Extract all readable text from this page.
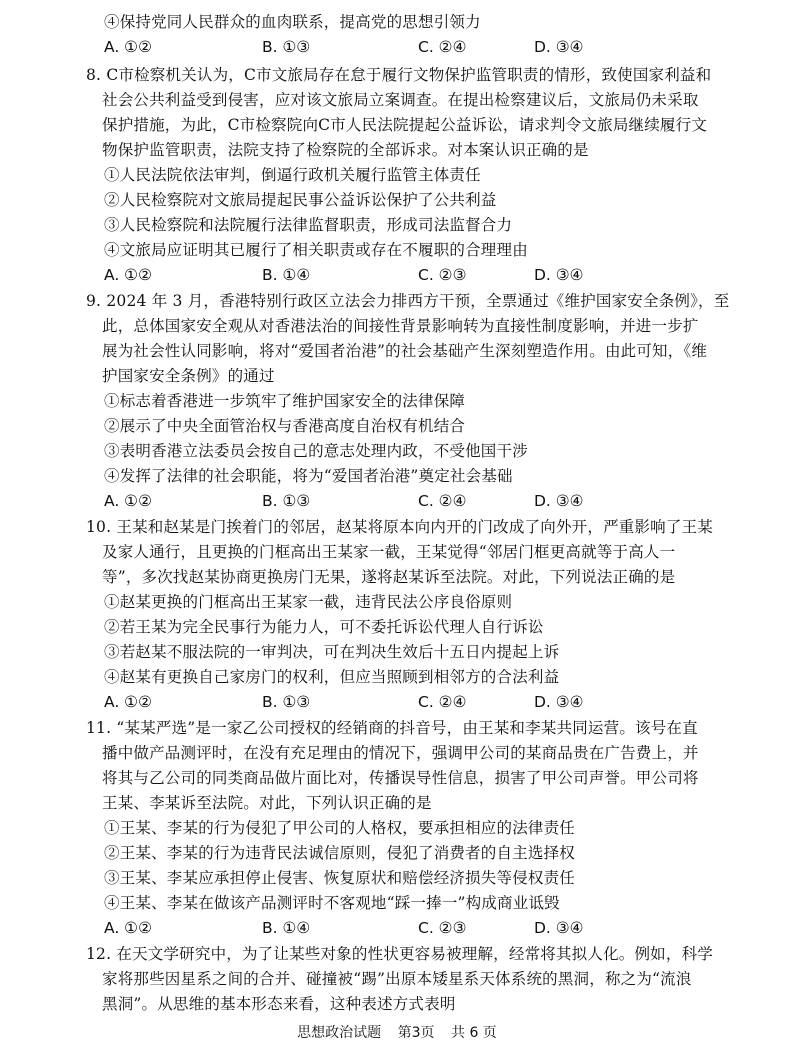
④保持党同人民群众的血肉联系，提高党的思想引领力
A. ①②	B. ①③	C. ②④	D. ③④
8. C市检察机关认为，C市文旅局存在怠于履行文物保护监管职责的情形，致使国家利益和
社会公共利益受到侵害，应对该文旅局立案调查。在提出检察建议后，文旅局仍未采取
保护措施，为此，C市检察院向C市人民法院提起公益诉讼，请求判令文旅局继续履行文
物保护监管职责，法院支持了检察院的全部诉求。对本案认识正确的是
①人民法院依法审判，倒逼行政机关履行监管主体责任
②人民检察院对文旅局提起民事公益诉讼保护了公共利益
③人民检察院和法院履行法律监督职责，形成司法监督合力
④文旅局应证明其已履行了相关职责或存在不履职的合理理由
A. ①②	B. ①④	C. ②③	D. ③④
9. 2024 年 3 月，香港特别行政区立法会力排西方干预，全票通过《维护国家安全条例》，至
此，总体国家安全观从对香港法治的间接性背景影响转为直接性制度影响，并进一步扩
展为社会性认同影响，将对“爱国者治港”的社会基础产生深刻塑造作用。由此可知，《维
护国家安全条例》的通过
①标志着香港进一步筑牢了维护国家安全的法律保障
②展示了中央全面管治权与香港高度自治权有机结合
③表明香港立法委员会按自己的意志处理内政，不受他国干涉
④发挥了法律的社会职能，将为“爱国者治港”奠定社会基础
A. ①②	B. ①③	C. ②④	D. ③④
10. 王某和赵某是门挨着门的邻居，赵某将原本向内开的门改成了向外开，严重影响了王某
及家人通行，且更换的门框高出王某家一截，王某觉得“邻居门框更高就等于高人一
等”，多次找赵某协商更换房门无果，遂将赵某诉至法院。对此，下列说法正确的是
①赵某更换的门框高出王某家一截，违背民法公序良俗原则
②若王某为完全民事行为能力人，可不委托诉讼代理人自行诉讼
③若赵某不服法院的一审判决，可在判决生效后十五日内提起上诉
④赵某有更换自己家房门的权利，但应当照顾到相邻方的合法利益
A. ①②	B. ①③	C. ②④	D. ③④
11. “某某严选”是一家乙公司授权的经销商的抖音号，由王某和李某共同运营。该号在直
播中做产品测评时，在没有充足理由的情况下，强调甲公司的某商品贵在广告费上，并
将其与乙公司的同类商品做片面比对，传播误导性信息，损害了甲公司声誉。甲公司将
王某、李某诉至法院。对此，下列认识正确的是
①王某、李某的行为侵犯了甲公司的人格权，要承担相应的法律责任
②王某、李某的行为违背民法诚信原则，侵犯了消费者的自主选择权
③王某、李某应承担停止侵害、恢复原状和赔偿经济损失等侵权责任
④王某、李某在做该产品测评时不客观地“踩一捧一”构成商业诋毁
A. ①②	B. ①④	C. ②③	D. ③④
12. 在天文学研究中，为了让某些对象的性状更容易被理解，经常将其拟人化。例如，科学
家将那些因星系之间的合并、碰撞被“踢”出原本矮星系天体系统的黑洞，称之为“流浪
黑洞”。从思维的基本形态来看，这种表述方式表明
思想政治试题 第3页 共 6 页
